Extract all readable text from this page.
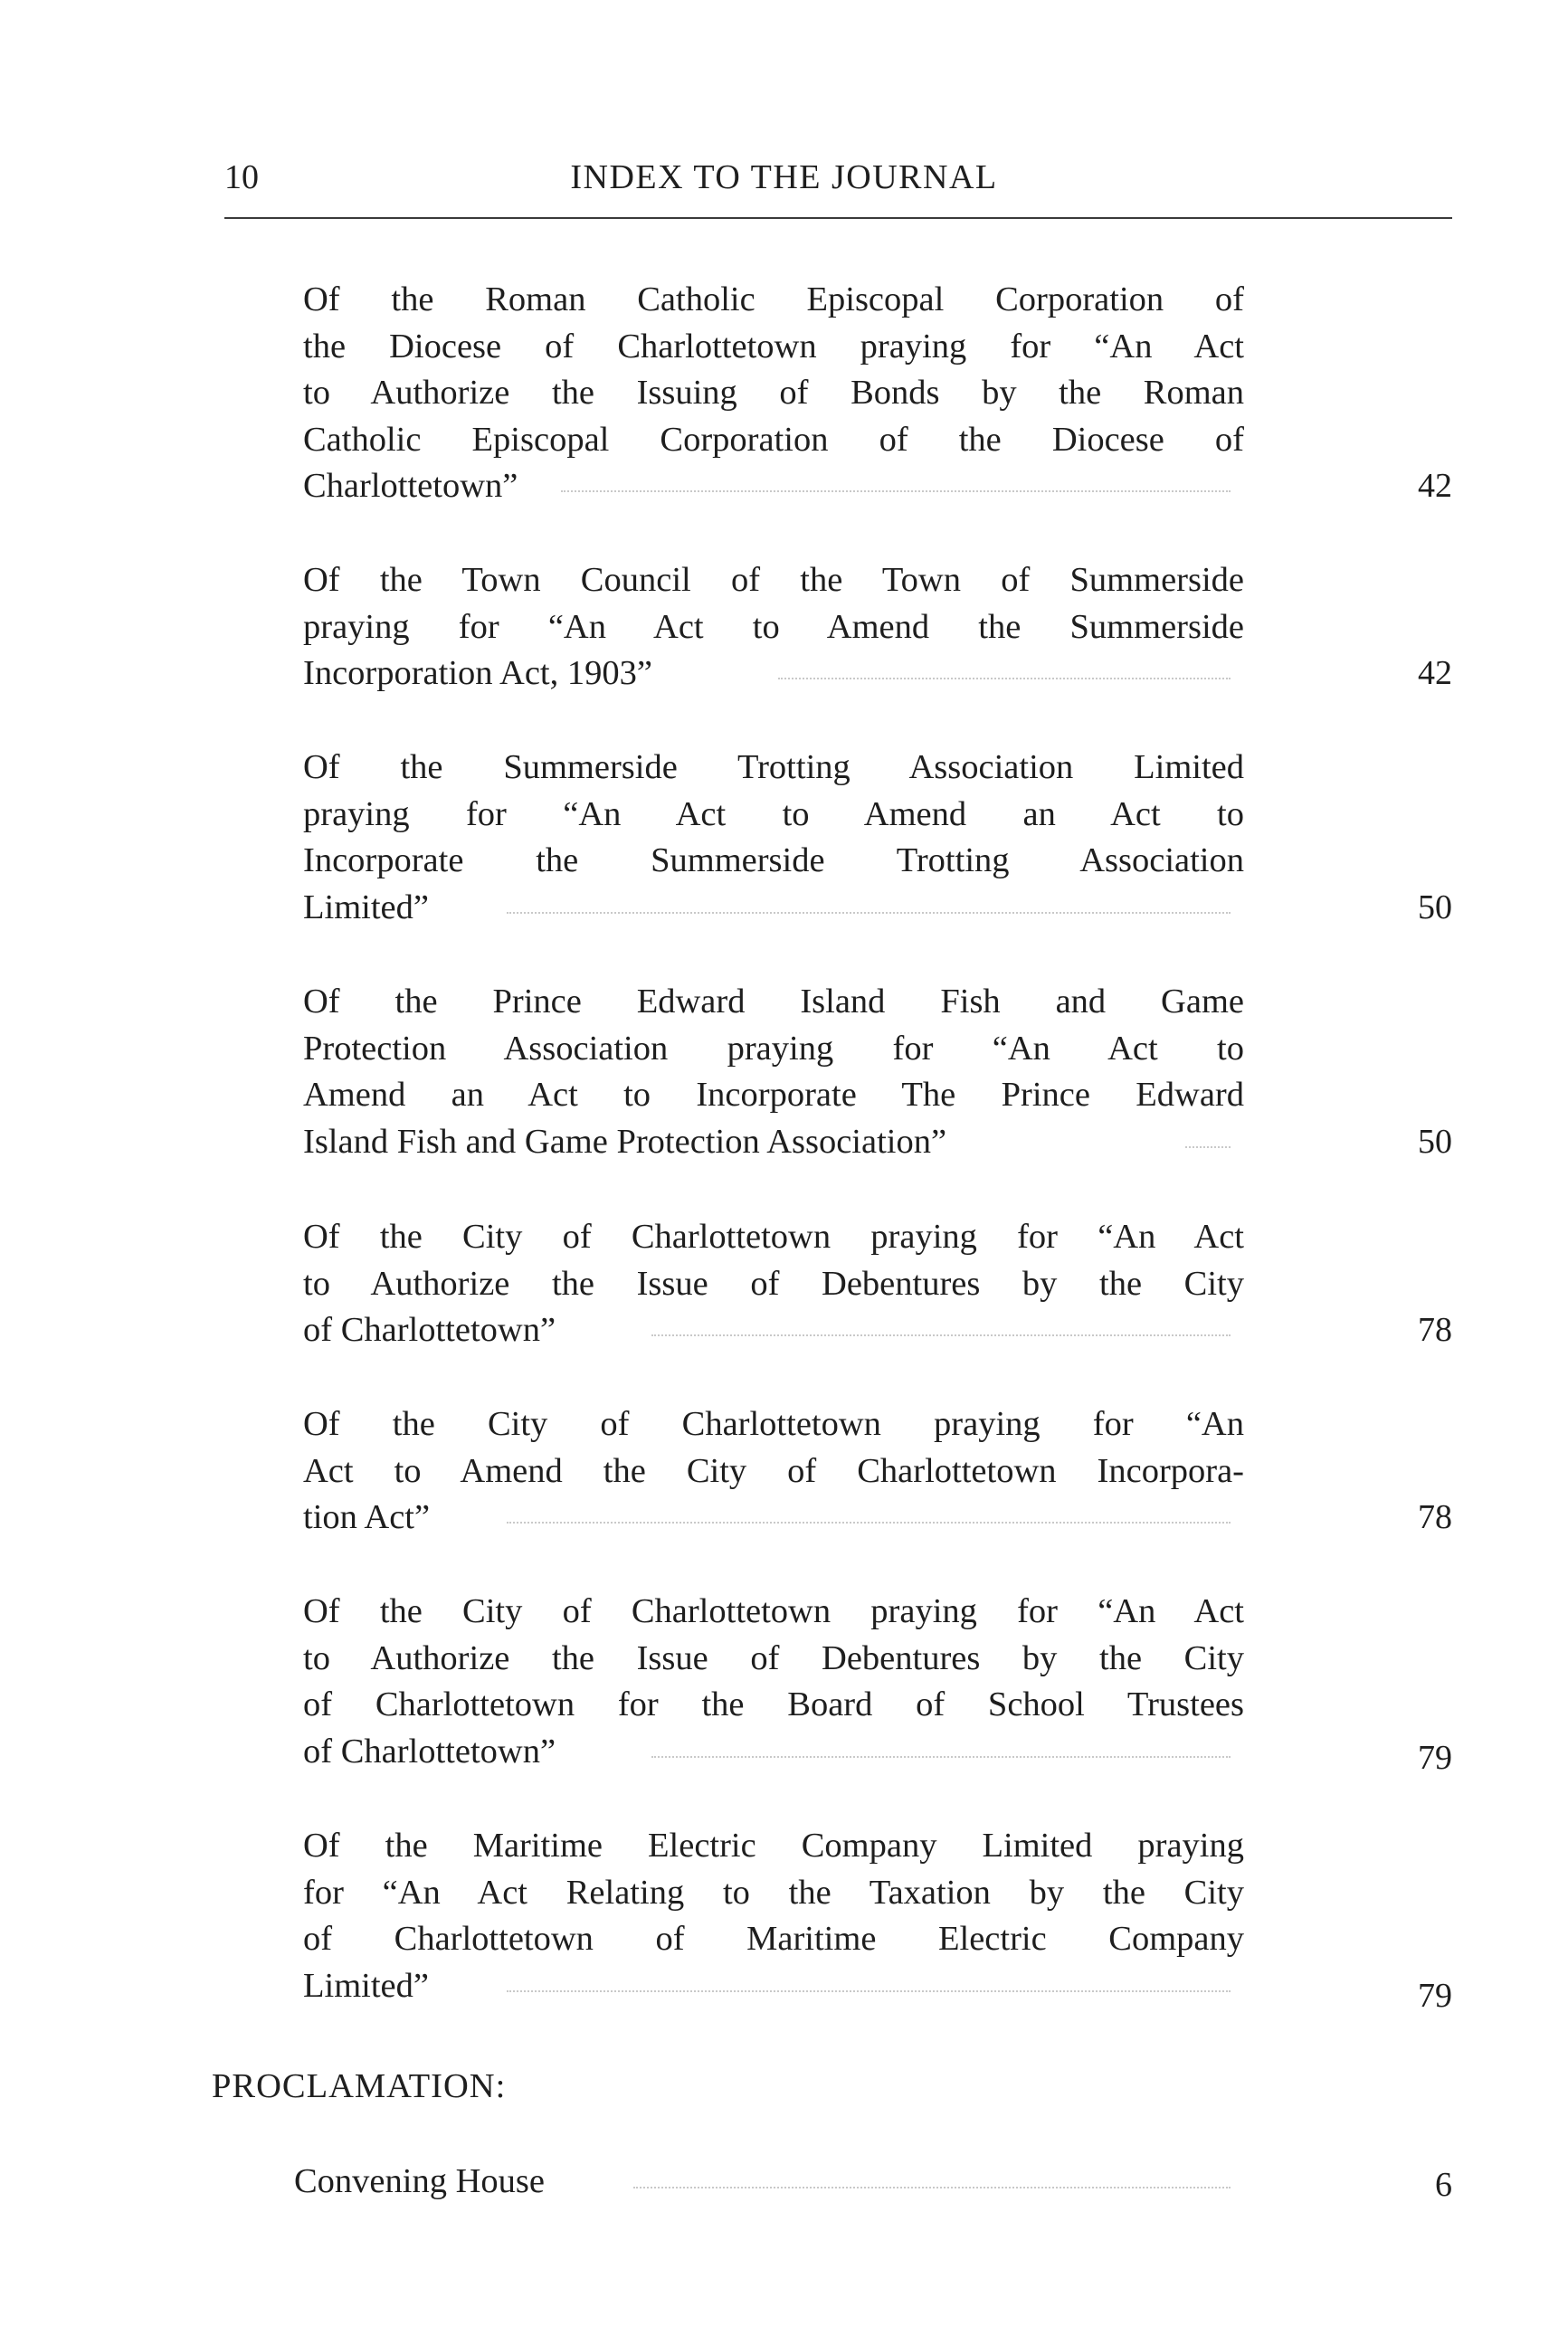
10	INDEX TO THE JOURNAL

Of the Roman Catholic Episcopal Corporation of
the Diocese of Charlottetown praying for “An Act
to Authorize the Issuing of Bonds by the Roman
Catholic Episcopal Corporation of the Diocese of
Charlottetown”	42

Of the Town Council of the Town of Summerside
praying for “An Act to Amend the Summerside
Incorporation Act, 1903”	42

Of the Summerside Trotting Association Limited
praying for “An Act to Amend an Act to
Incorporate the Summerside Trotting Association
Limited”	50

Of the Prince Edward Island Fish and Game
Protection Association praying for “An Act to
Amend an Act to Incorporate The Prince Edward
Island Fish and Game Protection Association”	50

Of the City of Charlottetown praying for “An Act
to Authorize the Issue of Debentures by the City
of Charlottetown”	78

Of the City of Charlottetown praying for “An
Act to Amend the City of Charlottetown Incorpora-
tion Act”	78

Of the City of Charlottetown praying for “An Act
to Authorize the Issue of Debentures by the City
of Charlottetown for the Board of School Trustees
of Charlottetown”	79

Of the Maritime Electric Company Limited praying
for “An Act Relating to the Taxation by the City
of Charlottetown of Maritime Electric Company
Limited”	79
PROCLAMATION:
Convening House	6
